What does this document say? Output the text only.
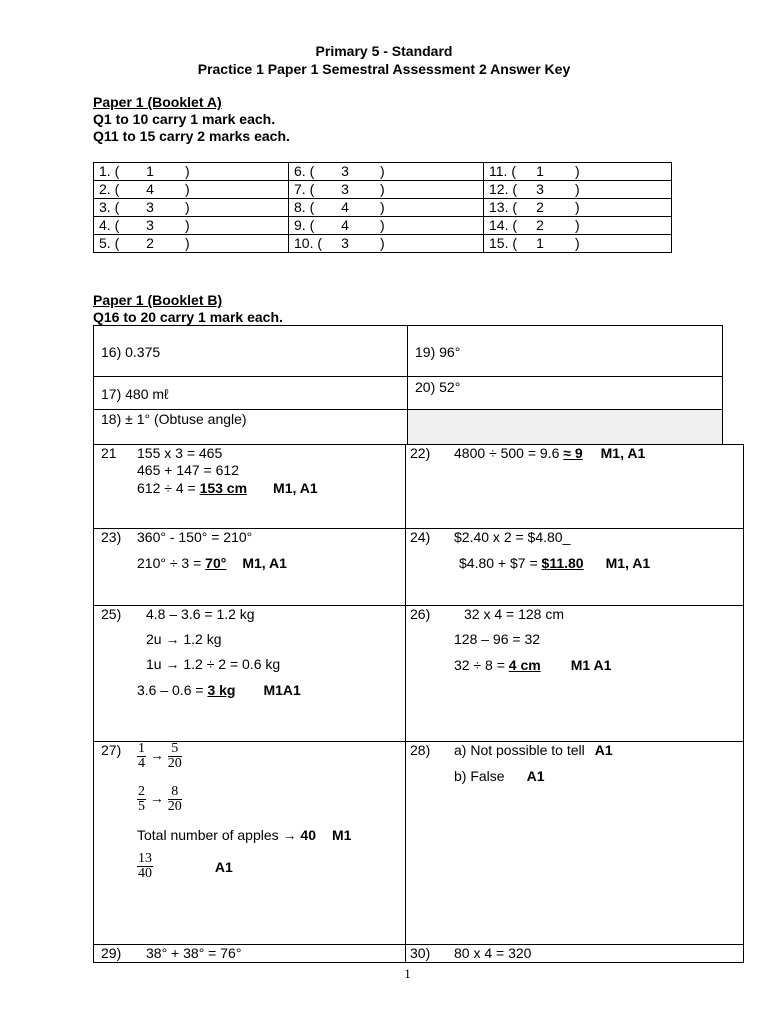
Primary 5 - Standard
Practice 1 Paper 1 Semestral Assessment 2 Answer Key
Paper 1 (Booklet A)
Q1 to 10 carry 1 mark each.
Q11 to 15 carry 2 marks each.
1. ( 1 )	6. ( 3 )	11. ( 1 )
2. ( 4 )	7. ( 3 )	12. ( 3 )
3. ( 3 )	8. ( 4 )	13. ( 2 )
4. ( 3 )	9. ( 4 )	14. ( 2 )
5. ( 2 )	10. ( 3 )	15. ( 1 )
Paper 1 (Booklet B)
Q16 to 20 carry 1 mark each.
16) 0.375	19) 96°
17) 480 mℓ	20) 52°
18) ± 1° (Obtuse angle)
21 155 x 3 = 465
465 + 147 = 612
612 ÷ 4 = 153 cm M1, A1
22) 4800 ÷ 500 = 9.6 ≈ 9 M1, A1
23) 360° - 150° = 210°
210° ÷ 3 = 70° M1, A1
24) $2.40 x 2 = $4.80_
$4.80 + $7 = $11.80 M1, A1
25) 4.8 – 3.6 = 1.2 kg
2u → 1.2 kg
1u → 1.2 ÷ 2 = 0.6 kg
3.6 – 0.6 = 3 kg M1A1
26) 32 x 4 = 128 cm
128 – 96 = 32
32 ÷ 8 = 4 cm M1 A1
$27) \frac{1}{4} \to \frac{5}{20}$
$\frac{2}{5} \to \frac{8}{20}$
Total number of apples → 40 M1
$\frac{13}{40}$	A1
28) a) Not possible to tell A1
b) False A1
29) 38° + 38° = 76°	30) 80 x 4 = 320
1
